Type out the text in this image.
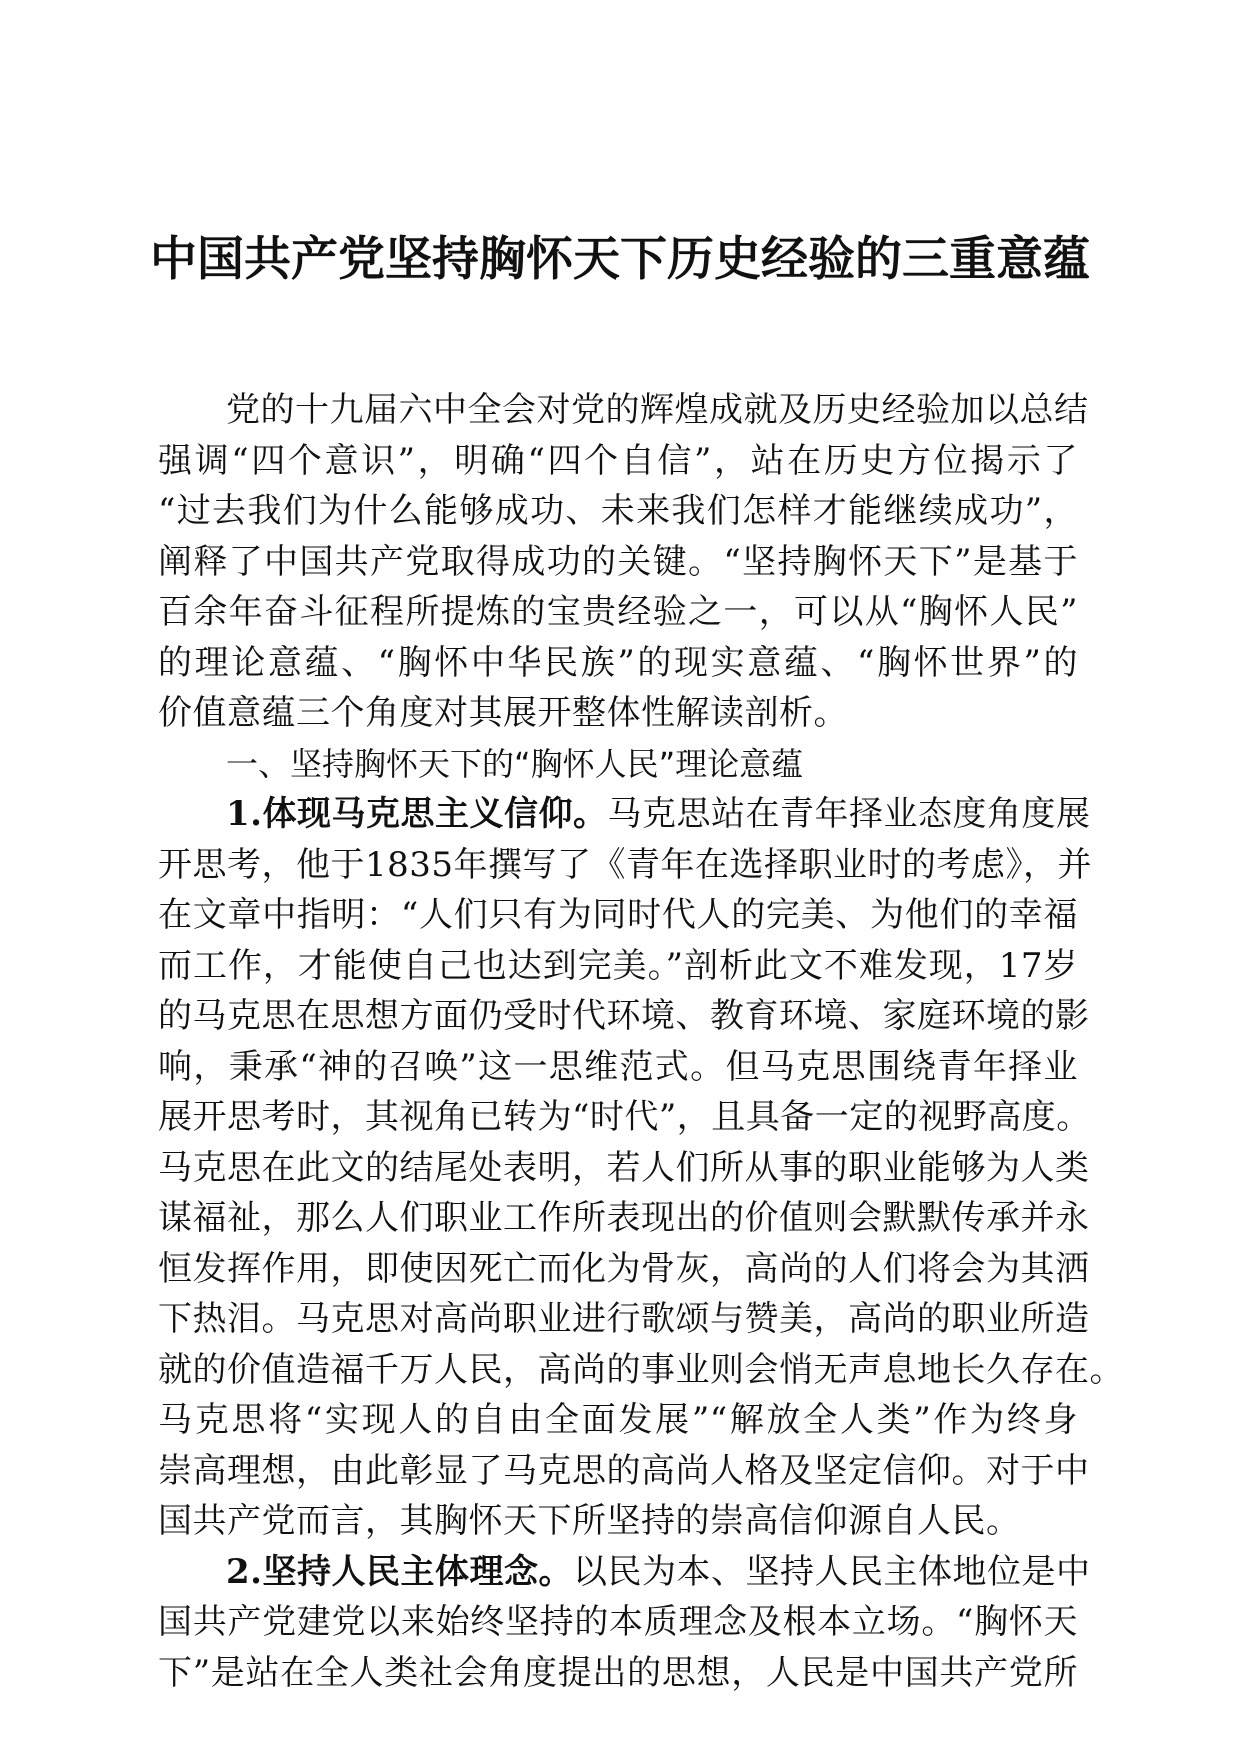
中国共产党坚持胸怀天下历史经验的三重意蕴
党的十九届六中全会对党的辉煌成就及历史经验加以总结
强调“四个意识”，明确“四个自信”，站在历史方位揭示了
“过去我们为什么能够成功、未来我们怎样才能继续成功”，
阐释了中国共产党取得成功的关键。“坚持胸怀天下”是基于
百余年奋斗征程所提炼的宝贵经验之一，可以从“胸怀人民”
的理论意蕴、“胸怀中华民族”的现实意蕴、“胸怀世界”的
价值意蕴三个角度对其展开整体性解读剖析。
一、坚持胸怀天下的“胸怀人民”理论意蕴
1.体现马克思主义信仰。马克思站在青年择业态度角度展
开思考，他于1835年撰写了《青年在选择职业时的考虑》，并
在文章中指明：“人们只有为同时代人的完美、为他们的幸福
而工作，才能使自己也达到完美。”剖析此文不难发现，17岁
的马克思在思想方面仍受时代环境、教育环境、家庭环境的影
响，秉承“神的召唤”这一思维范式。但马克思围绕青年择业
展开思考时，其视角已转为“时代”，且具备一定的视野高度。
马克思在此文的结尾处表明，若人们所从事的职业能够为人类
谋福祉，那么人们职业工作所表现出的价值则会默默传承并永
恒发挥作用，即使因死亡而化为骨灰，高尚的人们将会为其洒
下热泪。马克思对高尚职业进行歌颂与赞美，高尚的职业所造
就的价值造福千万人民，高尚的事业则会悄无声息地长久存在。
马克思将“实现人的自由全面发展”“解放全人类”作为终身
崇高理想，由此彰显了马克思的高尚人格及坚定信仰。对于中
国共产党而言，其胸怀天下所坚持的崇高信仰源自人民。
2.坚持人民主体理念。以民为本、坚持人民主体地位是中
国共产党建党以来始终坚持的本质理念及根本立场。“胸怀天
下”是站在全人类社会角度提出的思想，人民是中国共产党所
